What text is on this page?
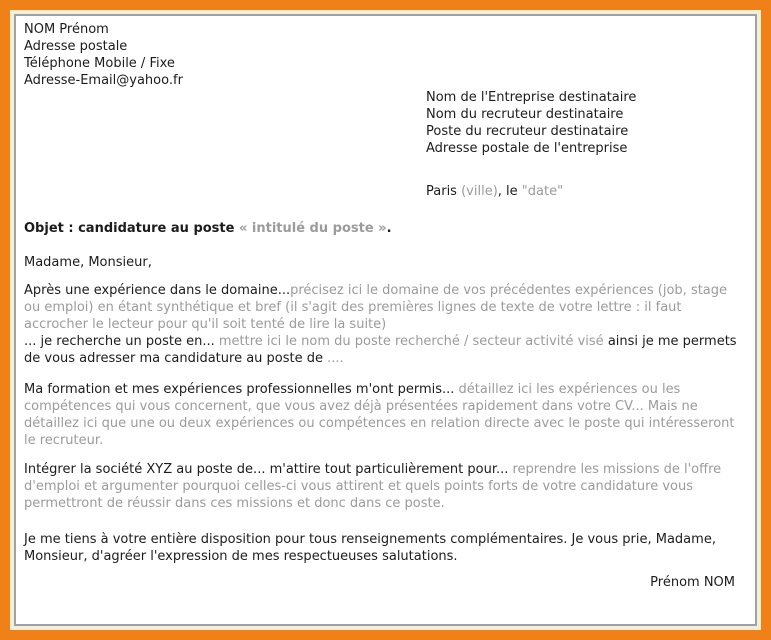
NOM Prénom
Adresse postale
Téléphone Mobile / Fixe
Adresse-Email@yahoo.fr
Nom de l'Entreprise destinataire
Nom du recruteur destinataire
Poste du recruteur destinataire
Adresse postale de l'entreprise
Paris (ville), le "date"
Objet : candidature au poste « intitulé du poste ».
Madame, Monsieur,
Après une expérience dans le domaine...précisez ici le domaine de vos précédentes expériences (job, stage ou emploi) en étant synthétique et bref (il s'agit des premières lignes de texte de votre lettre : il faut accrocher le lecteur pour qu'il soit tenté de lire la suite)
... je recherche un poste en... mettre ici le nom du poste recherché / secteur activité visé ainsi je me permets de vous adresser ma candidature au poste de ....
Ma formation et mes expériences professionnelles m'ont permis... détaillez ici les expériences ou les compétences qui vous concernent, que vous avez déjà présentées rapidement dans votre CV... Mais ne détaillez ici que une ou deux expériences ou compétences en relation directe avec le poste qui intéresseront le recruteur.
Intégrer la société XYZ au poste de... m'attire tout particulièrement pour... reprendre les missions de l'offre d'emploi et argumenter pourquoi celles-ci vous attirent et quels points forts de votre candidature vous permettront de réussir dans ces missions et donc dans ce poste.
Je me tiens à votre entière disposition pour tous renseignements complémentaires. Je vous prie, Madame, Monsieur, d'agréer l'expression de mes respectueuses salutations.
Prénom NOM
